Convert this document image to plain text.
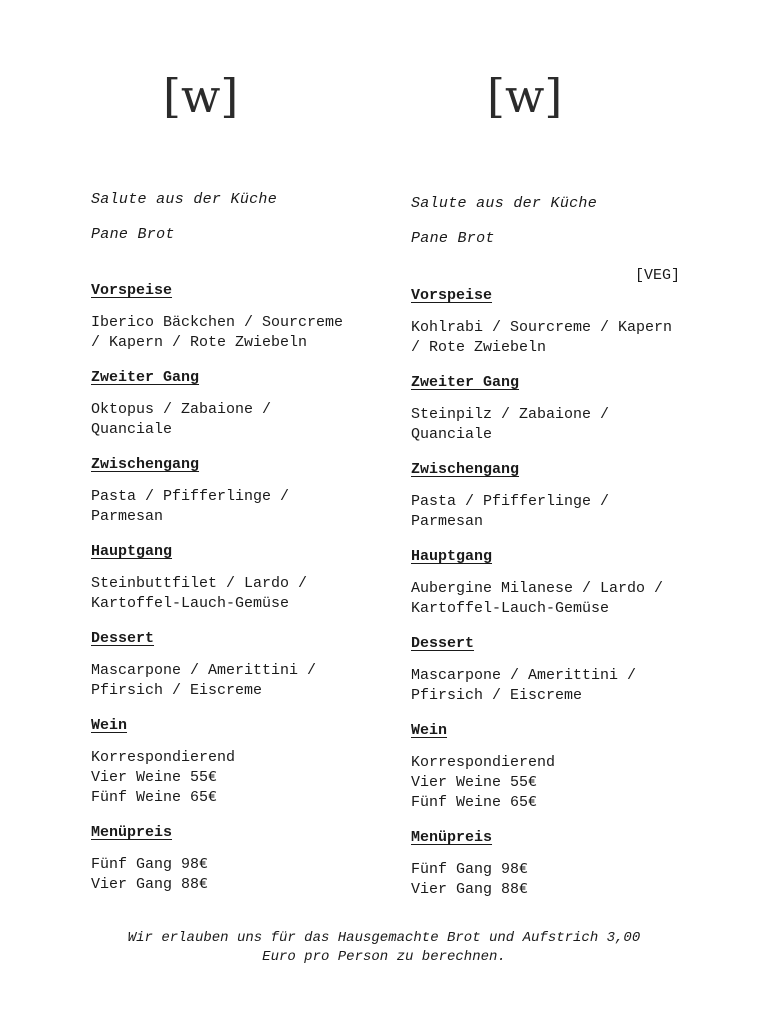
[w]	[w]

Salute aus der Küche

Pane Brot

Vorspeise

Iberico Bäckchen / Sourcreme
/ Kapern / Rote Zwiebeln

Zweiter Gang

Oktopus / Zabaione /
Quanciale

Zwischengang

Pasta / Pfifferlinge /
Parmesan

Hauptgang

Steinbuttfilet / Lardo /
Kartoffel-Lauch-Gemüse

Dessert

Mascarpone / Amerittini /
Pfirsich / Eiscreme

Wein

Korrespondierend
Vier Weine 55€
Fünf Weine 65€

Menüpreis

Fünf Gang 98€
Vier Gang 88€

Salute aus der Küche

Pane Brot

[VEG]

Vorspeise

Kohlrabi / Sourcreme / Kapern
/ Rote Zwiebeln

Zweiter Gang

Steinpilz / Zabaione /
Quanciale

Zwischengang

Pasta / Pfifferlinge /
Parmesan

Hauptgang

Aubergine Milanese / Lardo /
Kartoffel-Lauch-Gemüse

Dessert

Mascarpone / Amerittini /
Pfirsich / Eiscreme

Wein

Korrespondierend
Vier Weine 55€
Fünf Weine 65€

Menüpreis

Fünf Gang 98€
Vier Gang 88€

Wir erlauben uns für das Hausgemachte Brot und Aufstrich 3,00
Euro pro Person zu berechnen.
